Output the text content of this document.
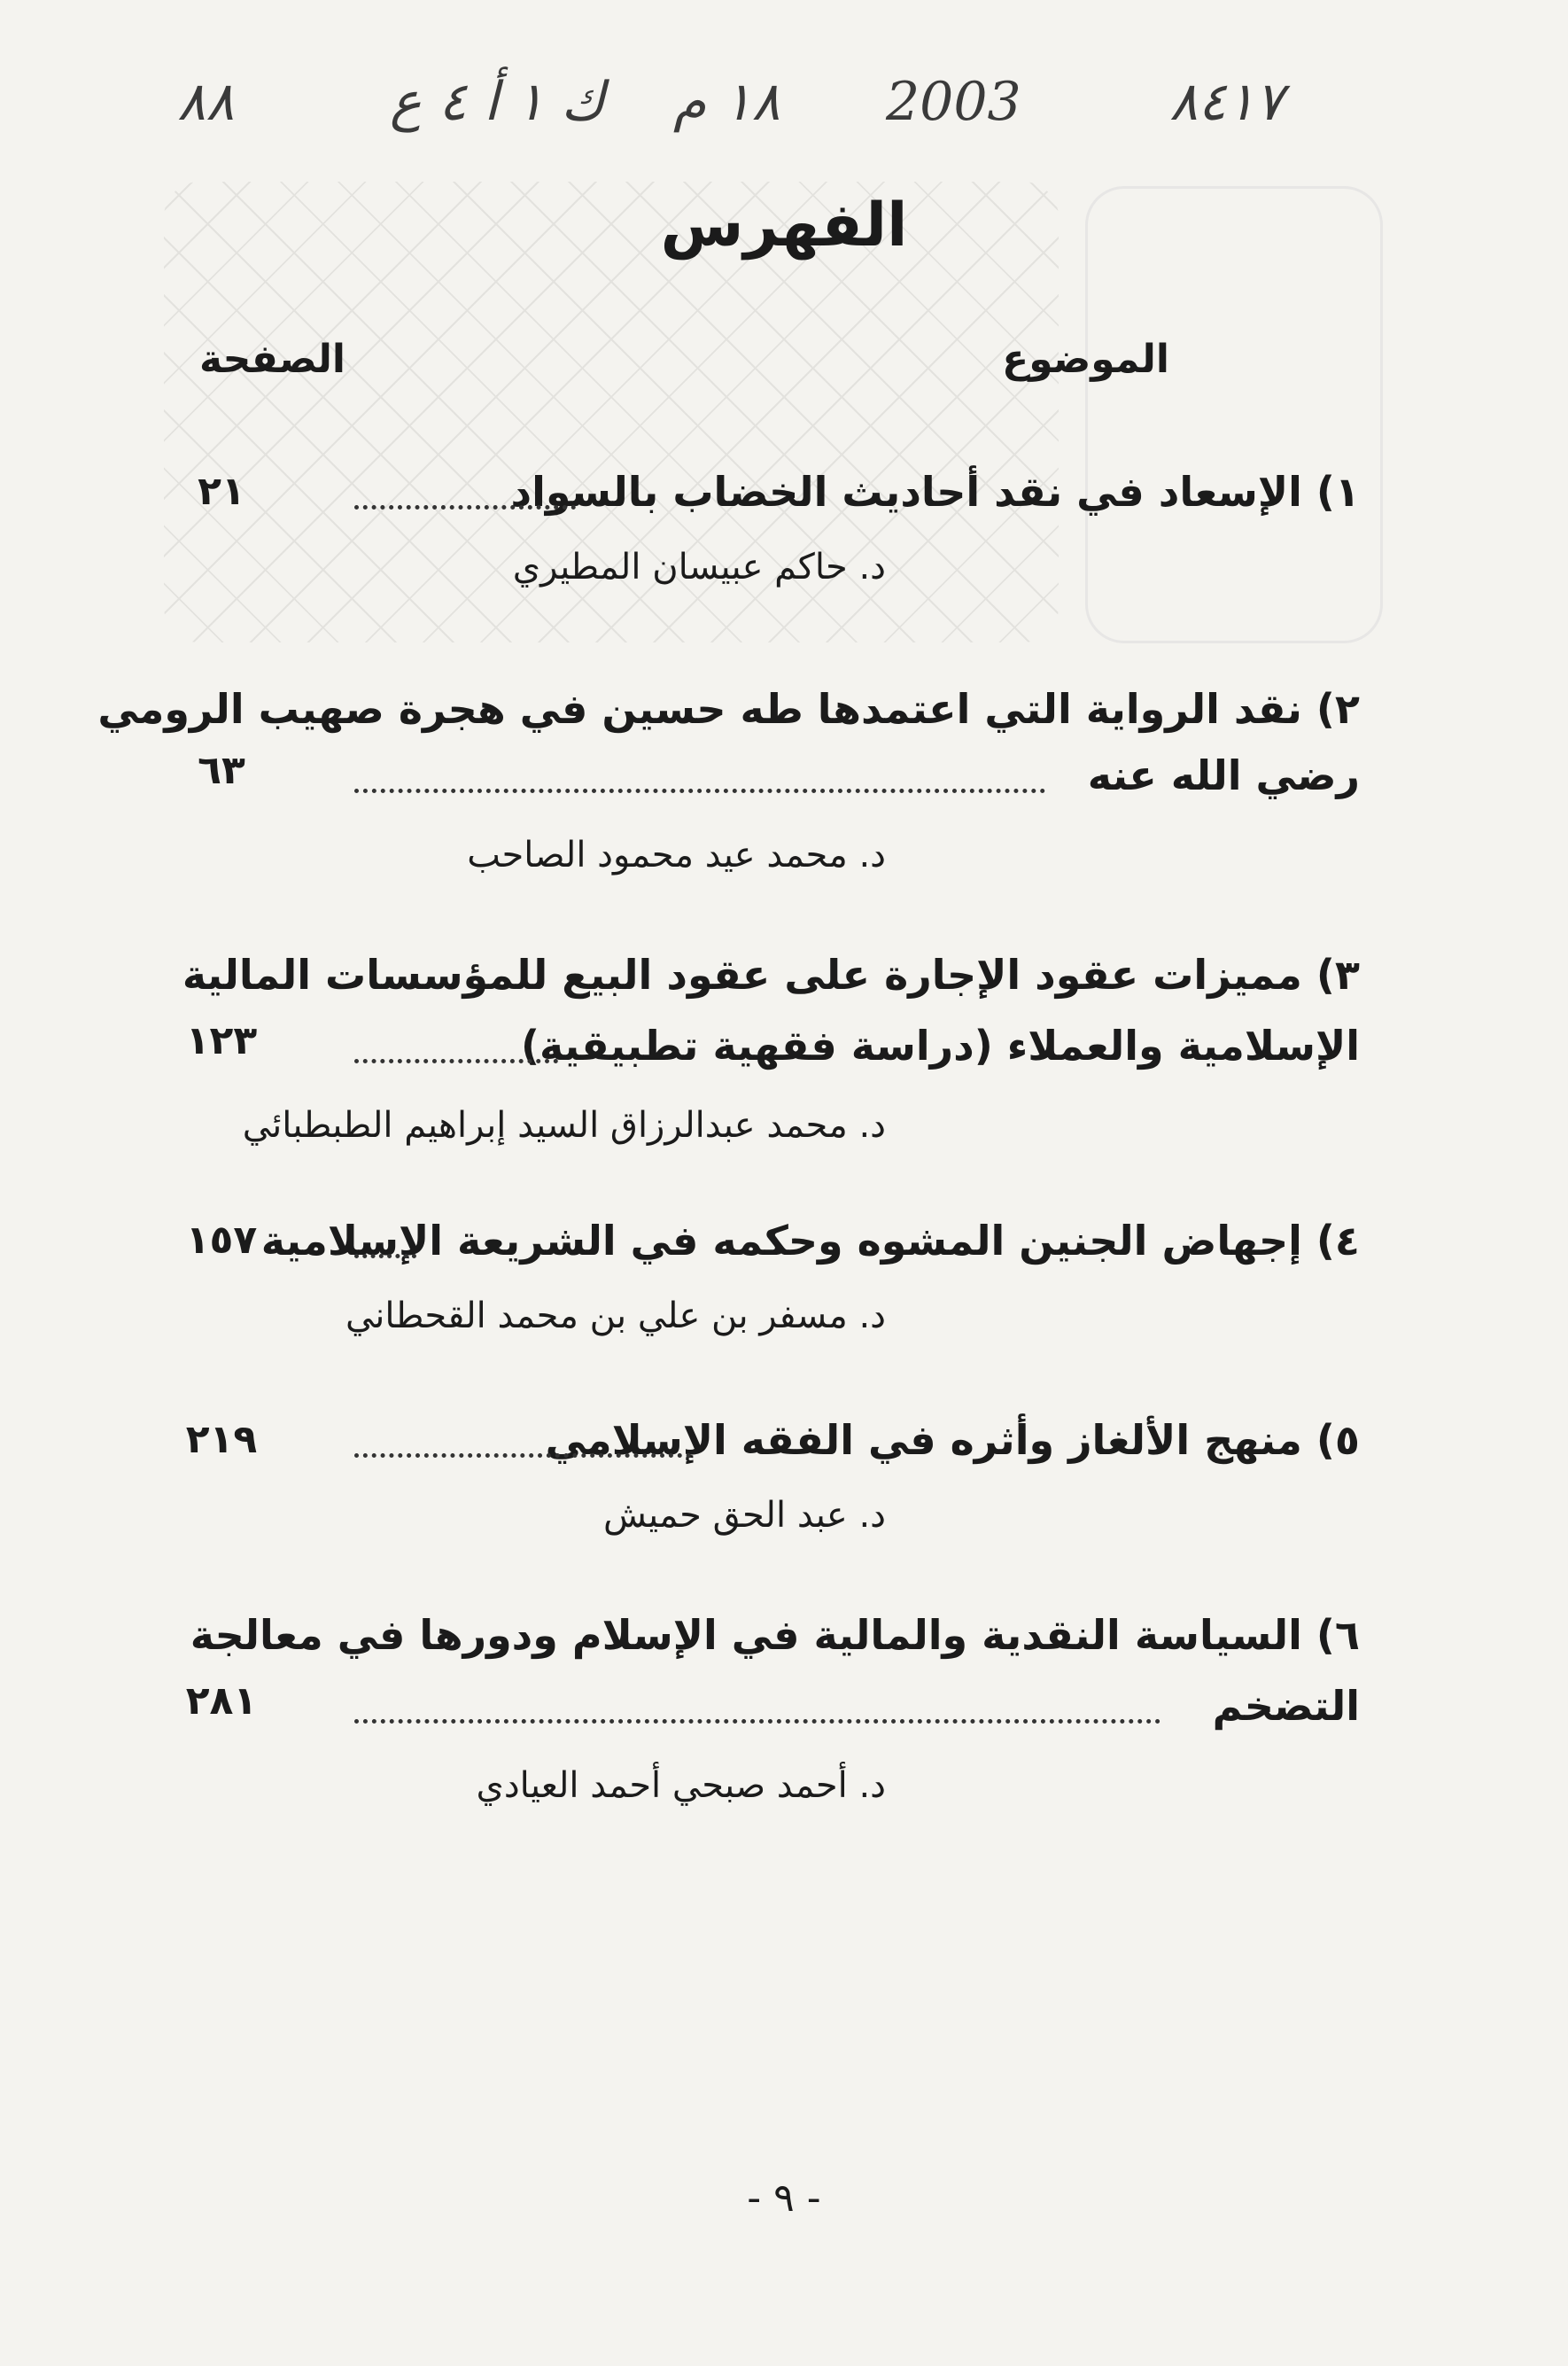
٨٨	ك ١ أ ٤ ع ١٨ م 2003	٨٤١٧
الفهرس
الموضوع
الصفحة
١) الإسعاد في نقد أحاديث الخضاب بالسواد
٢١
د. حاكم عبيسان المطيري
٢) نقد الرواية التي اعتمدها طه حسين في هجرة صهيب الرومي
رضي الله عنه
٦٣
د. محمد عيد محمود الصاحب
٣) مميزات عقود الإجارة على عقود البيع للمؤسسات المالية
الإسلامية والعملاء (دراسة فقهية تطبيقية)
١٢٣
د. محمد عبدالرزاق السيد إبراهيم الطبطبائي
٤) إجهاض الجنين المشوه وحكمه في الشريعة الإسلامية
١٥٧
د. مسفر بن علي بن محمد القحطاني
٥) منهج الألغاز وأثره في الفقه الإسلامي
٢١٩
د. عبد الحق حميش
٦) السياسة النقدية والمالية في الإسلام ودورها في معالجة
التضخم
٢٨١
د. أحمد صبحي أحمد العيادي
- ٩ -
